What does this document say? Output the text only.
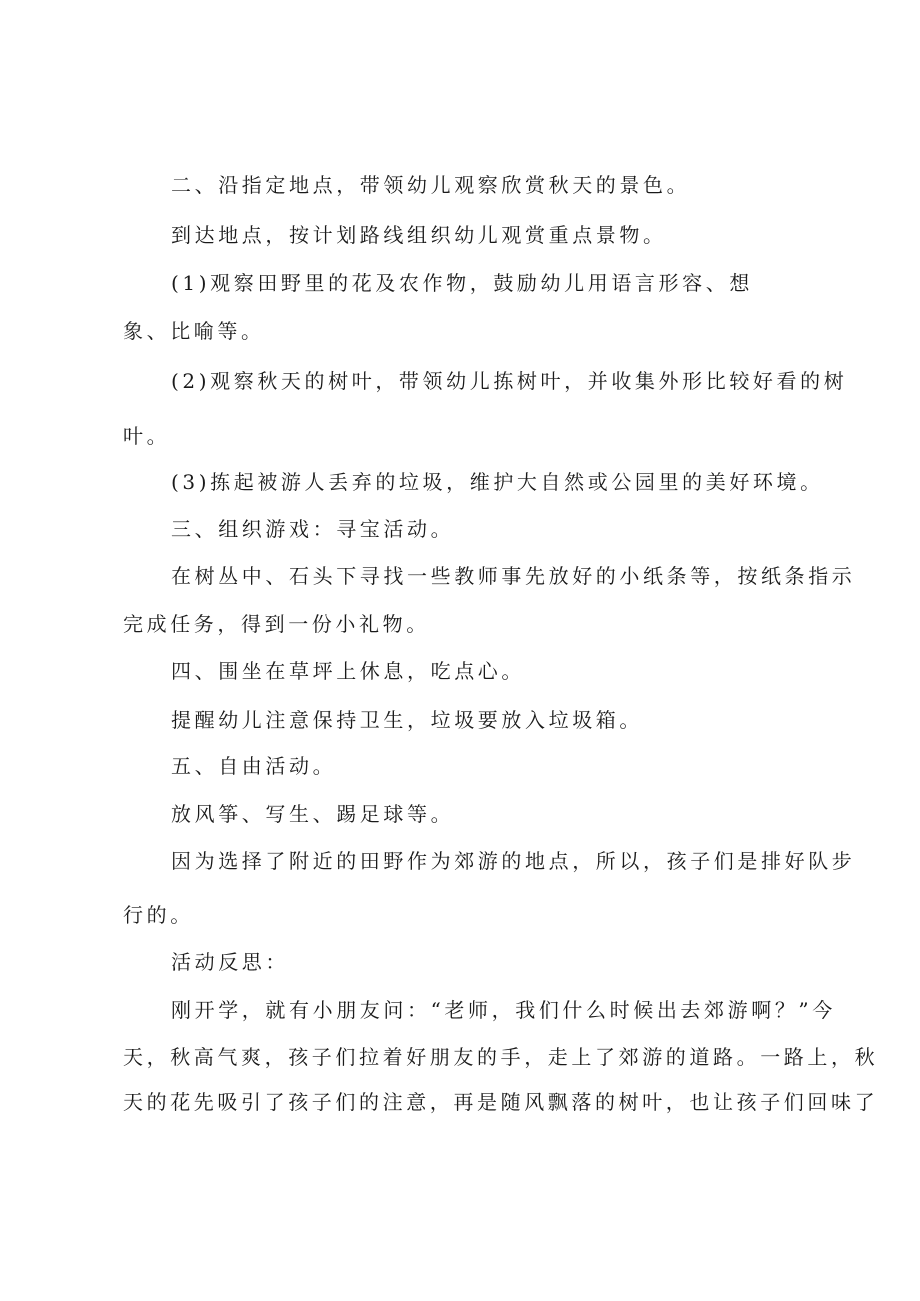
二、沿指定地点，带领幼儿观察欣赏秋天的景色。
到达地点，按计划路线组织幼儿观赏重点景物。
(1)观察田野里的花及农作物，鼓励幼儿用语言形容、想
象、比喻等。
(2)观察秋天的树叶，带领幼儿拣树叶，并收集外形比较好看的树
叶。
(3)拣起被游人丢弃的垃圾，维护大自然或公园里的美好环境。
三、组织游戏：寻宝活动。
在树丛中、石头下寻找一些教师事先放好的小纸条等，按纸条指示
完成任务，得到一份小礼物。
四、围坐在草坪上休息，吃点心。
提醒幼儿注意保持卫生，垃圾要放入垃圾箱。
五、自由活动。
放风筝、写生、踢足球等。
因为选择了附近的田野作为郊游的地点，所以，孩子们是排好队步
行的。
活动反思：
刚开学，就有小朋友问：“老师，我们什么时候出去郊游啊？”今
天，秋高气爽，孩子们拉着好朋友的手，走上了郊游的道路。一路上，秋
天的花先吸引了孩子们的注意，再是随风飘落的树叶，也让孩子们回味了
